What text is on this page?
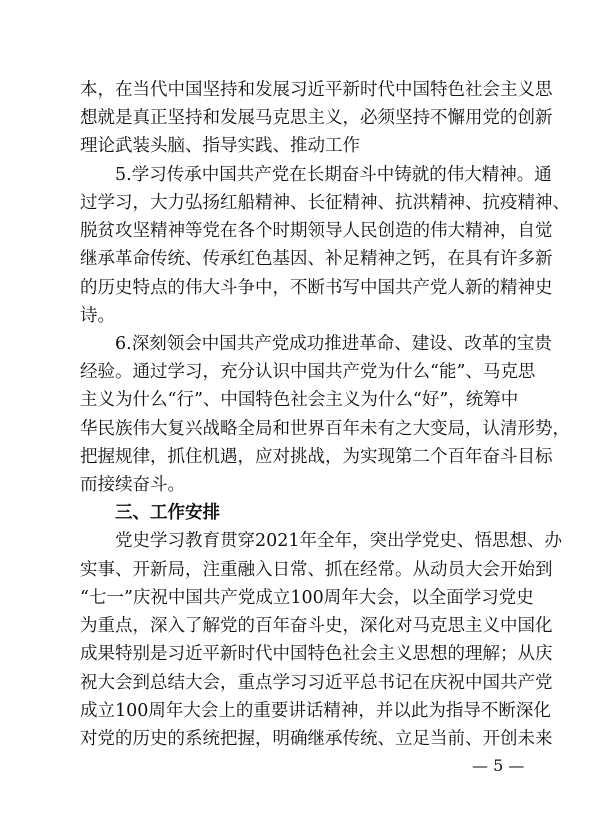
本，在当代中国坚持和发展习近平新时代中国特色社会主义思
想就是真正坚持和发展马克思主义，必须坚持不懈用党的创新
理论武装头脑、指导实践、推动工作
　　5.学习传承中国共产党在长期奋斗中铸就的伟大精神。通
过学习，大力弘扬红船精神、长征精神、抗洪精神、抗疫精神、
脱贫攻坚精神等党在各个时期领导人民创造的伟大精神，自觉
继承革命传统、传承红色基因、补足精神之钙，在具有许多新
的历史特点的伟大斗争中，不断书写中国共产党人新的精神史
诗。
　　6.深刻领会中国共产党成功推进革命、建设、改革的宝贵
经验。通过学习，充分认识中国共产党为什么“能”、马克思
主义为什么“行”、中国特色社会主义为什么“好”，统筹中
华民族伟大复兴战略全局和世界百年未有之大变局，认清形势，
把握规律，抓住机遇，应对挑战，为实现第二个百年奋斗目标
而接续奋斗。
　　三、工作安排
　　党史学习教育贯穿2021年全年，突出学党史、悟思想、办
实事、开新局，注重融入日常、抓在经常。从动员大会开始到
“七一”庆祝中国共产党成立100周年大会，以全面学习党史
为重点，深入了解党的百年奋斗史，深化对马克思主义中国化
成果特别是习近平新时代中国特色社会主义思想的理解；从庆
祝大会到总结大会，重点学习习近平总书记在庆祝中国共产党
成立100周年大会上的重要讲话精神，并以此为指导不断深化
对党的历史的系统把握，明确继承传统、立足当前、开创未来
— 5 —
